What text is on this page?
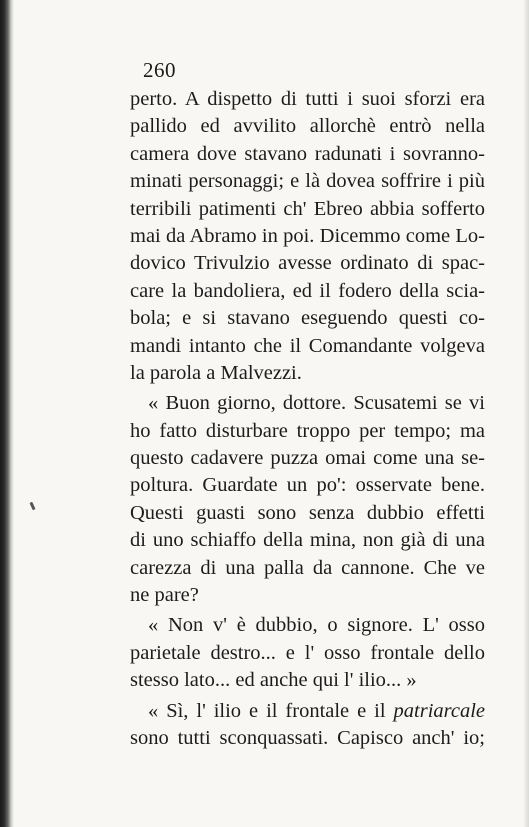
260
perto. A dispetto di tutti i suoi sforzi era
pallido ed avvilito allorchè entrò nella
camera dove stavano radunati i sovranno-
minati personaggi; e là dovea soffrire i più
terribili patimenti ch' Ebreo abbia sofferto
mai da Abramo in poi. Dicemmo come Lo-
dovico Trivulzio avesse ordinato di spac-
care la bandoliera, ed il fodero della scia-
bola; e si stavano eseguendo questi co-
mandi intanto che il Comandante volgeva
la parola a Malvezzi.
« Buon giorno, dottore. Scusatemi se vi
ho fatto disturbare troppo per tempo; ma
questo cadavere puzza omai come una se-
poltura. Guardate un po': osservate bene.
Questi guasti sono senza dubbio effetti
di uno schiaffo della mina, non già di una
carezza di una palla da cannone. Che ve
ne pare?
« Non v' è dubbio, o signore. L' osso
parietale destro... e l' osso frontale dello
stesso lato... ed anche qui l' ilio... »
« Sì, l' ilio e il frontale e il patriarcale
sono tutti sconquassati. Capisco anch' io;
